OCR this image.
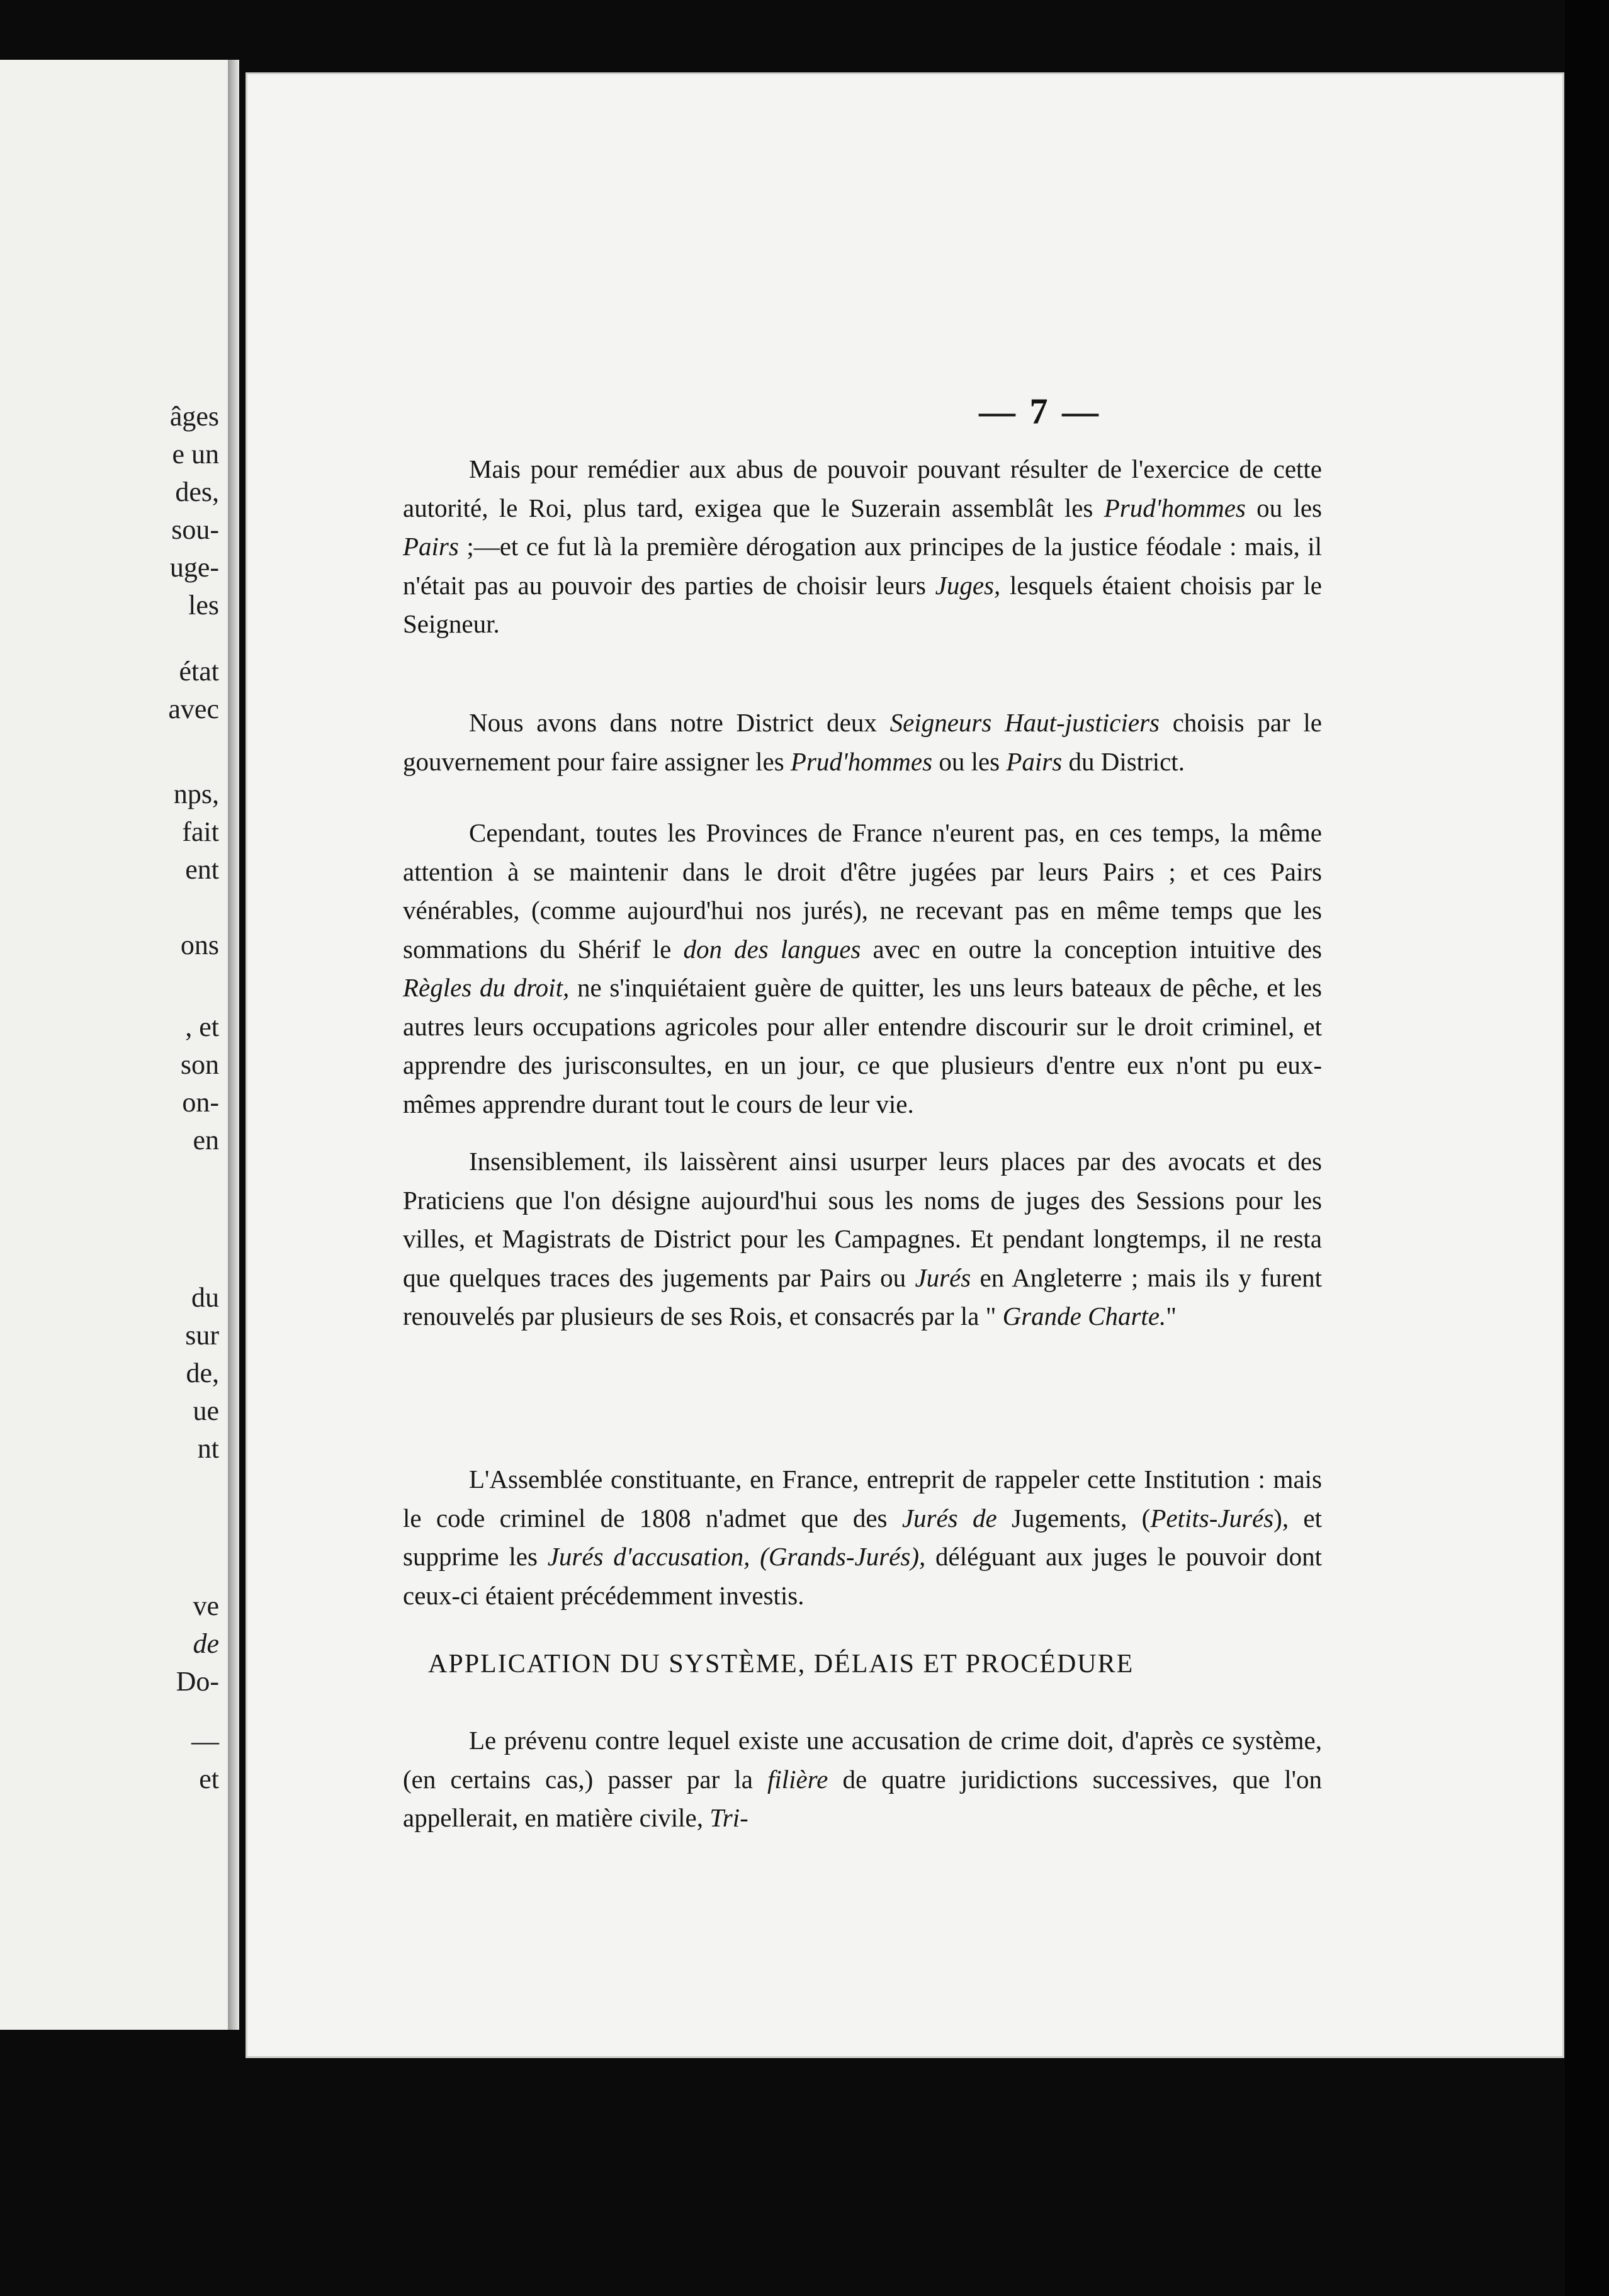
âges
e un
des,
sou-
uge-
les
état
avec
nps,
fait
ent
ons
, et
son
on-
en
du
sur
de,
ue
nt
ve
de
Do-
—
et
— 7 —

Mais pour remédier aux abus de pouvoir pouvant résulter de l'exercice de cette autorité, le Roi, plus tard, exigea que le Suzerain assemblât les Prud'hommes ou les Pairs ;—et ce fut là la première dérogation aux principes de la justice féodale : mais, il n'était pas au pouvoir des parties de choisir leurs Juges, lesquels étaient choisis par le Seigneur.

Nous avons dans notre District deux Seigneurs Haut-justiciers choisis par le gouvernement pour faire assigner les Prud'hommes ou les Pairs du District.

Cependant, toutes les Provinces de France n'eurent pas, en ces temps, la même attention à se maintenir dans le droit d'être jugées par leurs Pairs ; et ces Pairs vénérables, (comme aujourd'hui nos jurés), ne recevant pas en même temps que les sommations du Shérif le don des langues avec en outre la conception intuitive des Règles du droit, ne s'inquiétaient guère de quitter, les uns leurs bateaux de pêche, et les autres leurs occupations agricoles pour aller entendre discourir sur le droit criminel, et apprendre des jurisconsultes, en un jour, ce que plusieurs d'entre eux n'ont pu eux-mêmes apprendre durant tout le cours de leur vie.

Insensiblement, ils laissèrent ainsi usurper leurs places par des avocats et des Praticiens que l'on désigne aujourd'hui sous les noms de juges des Sessions pour les villes, et Magistrats de District pour les Campagnes. Et pendant longtemps, il ne resta que quelques traces des jugements par Pairs ou Jurés en Angleterre ; mais ils y furent renouvelés par plusieurs de ses Rois, et consacrés par la " Grande Charte."

L'Assemblée constituante, en France, entreprit de rappeler cette Institution : mais le code criminel de 1808 n'admet que des Jurés de Jugements, (Petits-Jurés), et supprime les Jurés d'accusation, (Grands-Jurés), déléguant aux juges le pouvoir dont ceux-ci étaient précédemment investis.

APPLICATION DU SYSTÈME, DÉLAIS ET PROCÉDURE

Le prévenu contre lequel existe une accusation de crime doit, d'après ce système, (en certains cas,) passer par la filière de quatre juridictions successives, que l'on appellerait, en matière civile, Tri-
